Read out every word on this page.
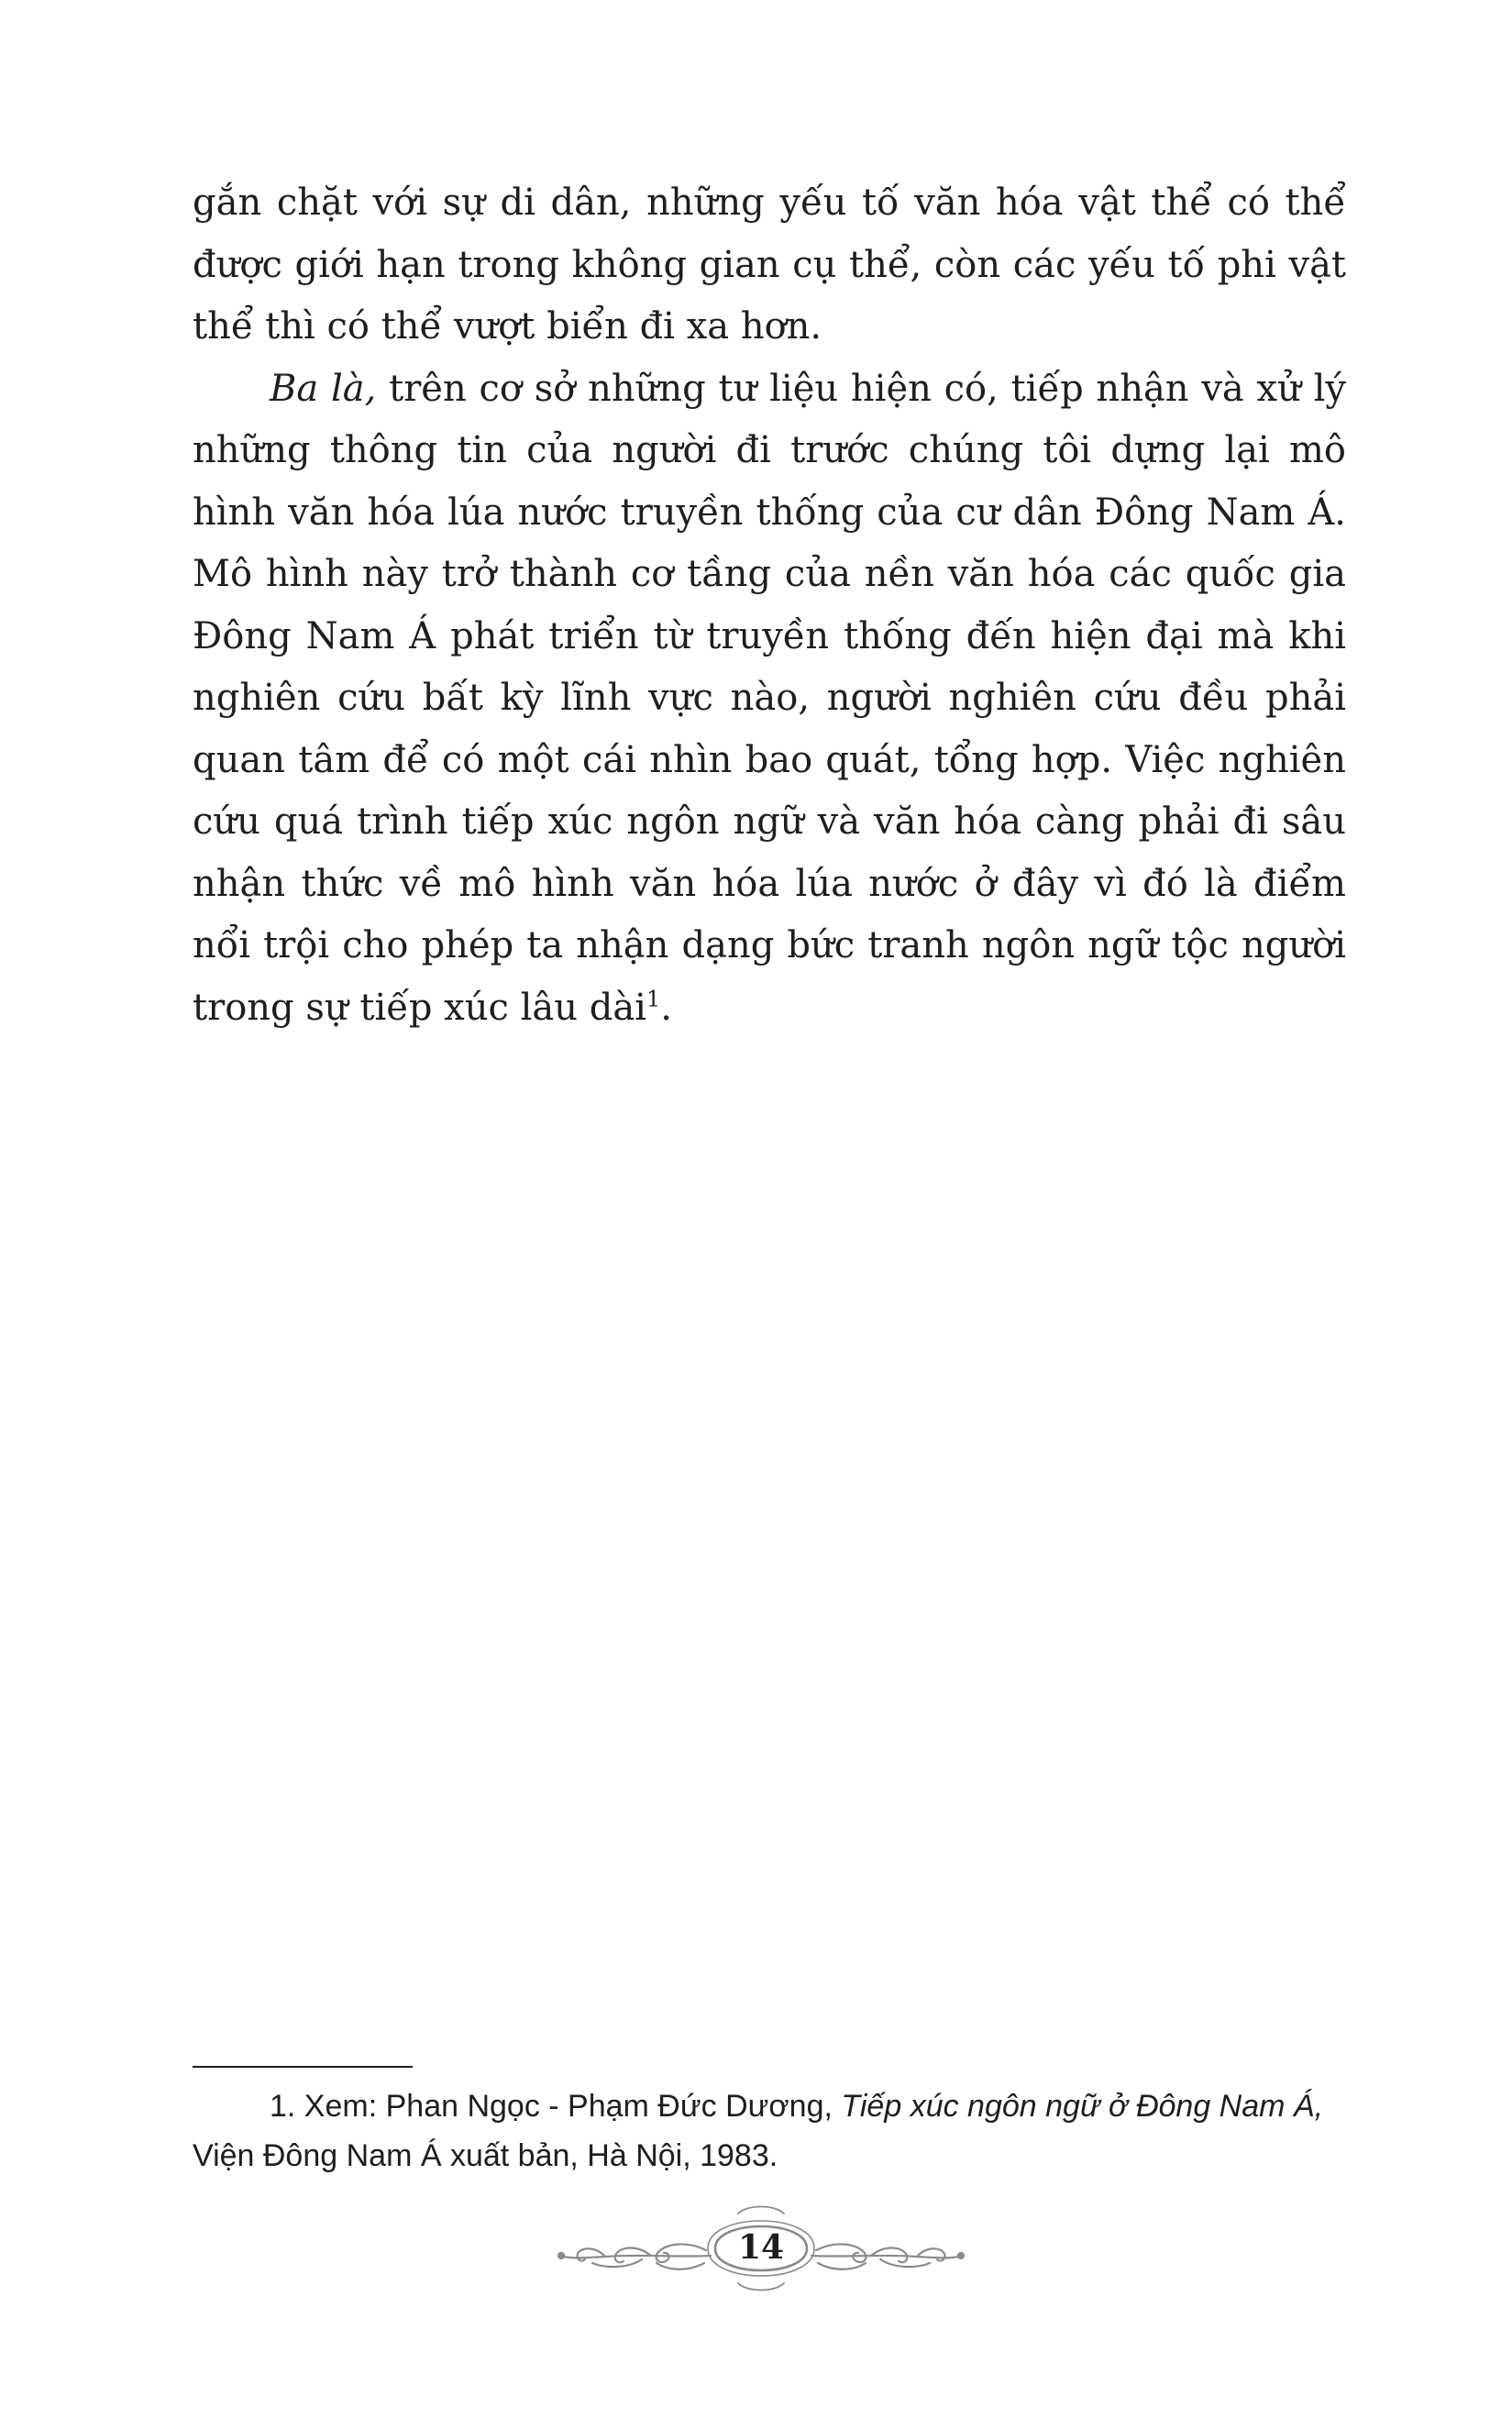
gắn chặt với sự di dân, những yếu tố văn hóa vật thể có thể được giới hạn trong không gian cụ thể, còn các yếu tố phi vật thể thì có thể vượt biển đi xa hơn.

Ba là, trên cơ sở những tư liệu hiện có, tiếp nhận và xử lý những thông tin của người đi trước chúng tôi dựng lại mô hình văn hóa lúa nước truyền thống của cư dân Đông Nam Á. Mô hình này trở thành cơ tầng của nền văn hóa các quốc gia Đông Nam Á phát triển từ truyền thống đến hiện đại mà khi nghiên cứu bất kỳ lĩnh vực nào, người nghiên cứu đều phải quan tâm để có một cái nhìn bao quát, tổng hợp. Việc nghiên cứu quá trình tiếp xúc ngôn ngữ và văn hóa càng phải đi sâu nhận thức về mô hình văn hóa lúa nước ở đây vì đó là điểm nổi trội cho phép ta nhận dạng bức tranh ngôn ngữ tộc người trong sự tiếp xúc lâu dài$^1$.

1. Xem: Phan Ngọc - Phạm Đức Dương, Tiếp xúc ngôn ngữ ở Đông Nam Á,

Viện Đông Nam Á xuất bản, Hà Nội, 1983.

14
